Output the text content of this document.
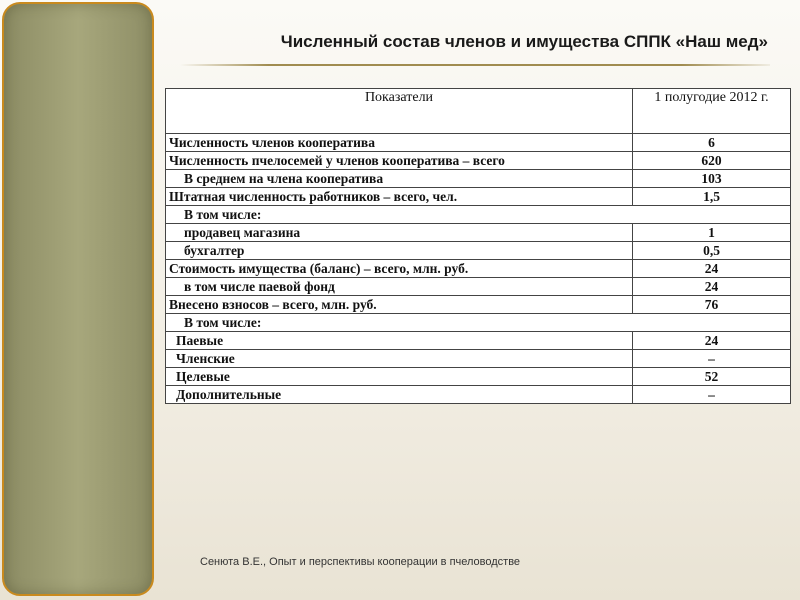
Численный состав членов и имущества СППК «Наш мед»
Показатели	1 полугодие 2012 г.
Численность членов кооператива	6
Численность пчелосемей у членов кооператива – всего	620
В среднем на члена кооператива	103
Штатная численность работников – всего, чел.	1,5
В том числе:	
продавец магазина	1
бухгалтер	0,5
Стоимость имущества (баланс) – всего, млн. руб.	24
в том числе паевой фонд	24
Внесено взносов – всего, млн. руб.	76
В том числе:	
Паевые	24
Членские	–
Целевые	52
Дополнительные	–
Сенюта В.Е., Опыт и перспективы кооперации в пчеловодстве
